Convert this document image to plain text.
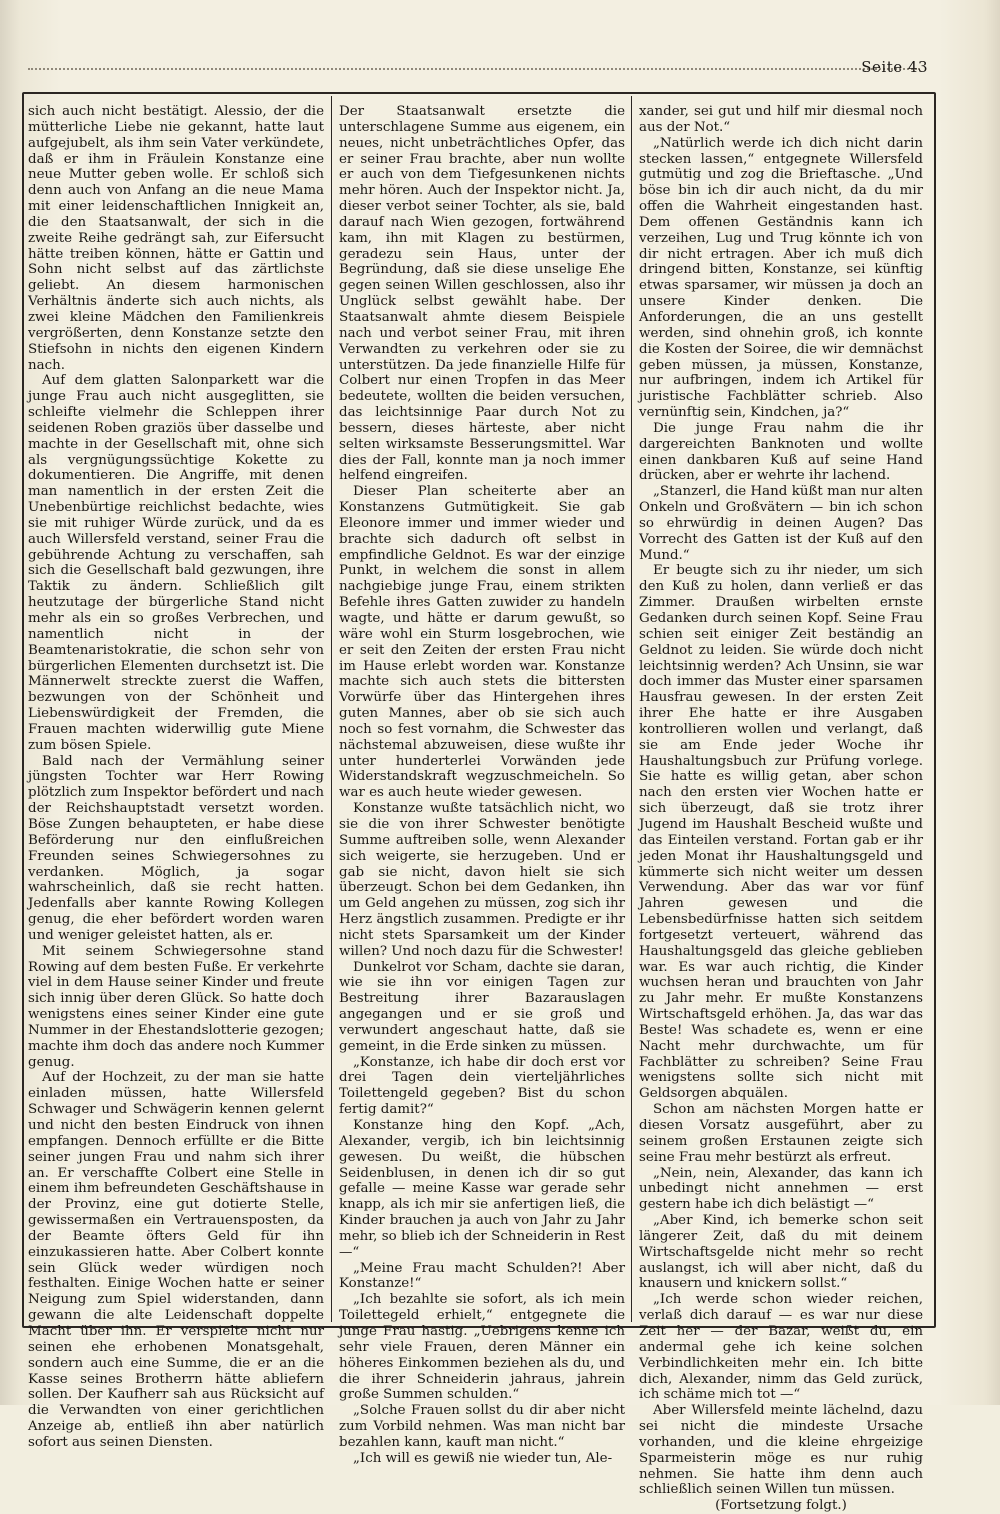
Seite 43

sich auch nicht bestätigt. Alessio, der die mütterliche Liebe nie gekannt, hatte laut aufgejubelt, als ihm sein Vater verkündete, daß er ihm in Fräulein Konstanze eine neue Mutter geben wolle. Er schloß sich denn auch von Anfang an die neue Mama mit einer leidenschaftlichen Innigkeit an, die den Staatsanwalt, der sich in die zweite Reihe gedrängt sah, zur Eifersucht hätte treiben können, hätte er Gattin und Sohn nicht selbst auf das zärtlichste geliebt. An diesem harmonischen Verhältnis änderte sich auch nichts, als zwei kleine Mädchen den Familienkreis vergrößerten, denn Konstanze setzte den Stiefsohn in nichts den eigenen Kindern nach.

Auf dem glatten Salonparkett war die junge Frau auch nicht ausgeglitten, sie schleifte vielmehr die Schleppen ihrer seidenen Roben graziös über dasselbe und machte in der Gesellschaft mit, ohne sich als vergnügungssüchtige Kokette zu dokumentieren. Die Angriffe, mit denen man namentlich in der ersten Zeit die Unebenbürtige reichlichst bedachte, wies sie mit ruhiger Würde zurück, und da es auch Willersfeld verstand, seiner Frau die gebührende Achtung zu verschaffen, sah sich die Gesellschaft bald gezwungen, ihre Taktik zu ändern. Schließlich gilt heutzutage der bürgerliche Stand nicht mehr als ein so großes Verbrechen, und namentlich nicht in der Beamtenaristokratie, die schon sehr von bürgerlichen Elementen durchsetzt ist. Die Männerwelt streckte zuerst die Waffen, bezwungen von der Schönheit und Liebenswürdigkeit der Fremden, die Frauen machten widerwillig gute Miene zum bösen Spiele.

Bald nach der Vermählung seiner jüngsten Tochter war Herr Rowing plötzlich zum Inspektor befördert und nach der Reichshauptstadt versetzt worden. Böse Zungen behaupteten, er habe diese Beförderung nur den einflußreichen Freunden seines Schwiegersohnes zu verdanken. Möglich, ja sogar wahrscheinlich, daß sie recht hatten. Jedenfalls aber kannte Rowing Kollegen genug, die eher befördert worden waren und weniger geleistet hatten, als er.

Mit seinem Schwiegersohne stand Rowing auf dem besten Fuße. Er verkehrte viel in dem Hause seiner Kinder und freute sich innig über deren Glück. So hatte doch wenigstens eines seiner Kinder eine gute Nummer in der Ehestandslotterie gezogen; machte ihm doch das andere noch Kummer genug.

Auf der Hochzeit, zu der man sie hatte einladen müssen, hatte Willersfeld Schwager und Schwägerin kennen gelernt und nicht den besten Eindruck von ihnen empfangen. Dennoch erfüllte er die Bitte seiner jungen Frau und nahm sich ihrer an. Er verschaffte Colbert eine Stelle in einem ihm befreundeten Geschäftshause in der Provinz, eine gut dotierte Stelle, gewissermaßen ein Vertrauensposten, da der Beamte öfters Geld für ihn einzukassieren hatte. Aber Colbert konnte sein Glück weder würdigen noch festhalten. Einige Wochen hatte er seiner Neigung zum Spiel widerstanden, dann gewann die alte Leidenschaft doppelte Macht über ihn. Er verspielte nicht nur seinen ehe erhobenen Monatsgehalt, sondern auch eine Summe, die er an die Kasse seines Brotherrn hätte abliefern sollen. Der Kaufherr sah aus Rücksicht auf die Verwandten von einer gerichtlichen Anzeige ab, entließ ihn aber natürlich sofort aus seinen Diensten.

Der Staatsanwalt ersetzte die unterschlagene Summe aus eigenem, ein neues, nicht unbeträchtliches Opfer, das er seiner Frau brachte, aber nun wollte er auch von dem Tiefgesunkenen nichts mehr hören. Auch der Inspektor nicht. Ja, dieser verbot seiner Tochter, als sie, bald darauf nach Wien gezogen, fortwährend kam, ihn mit Klagen zu bestürmen, geradezu sein Haus, unter der Begründung, daß sie diese unselige Ehe gegen seinen Willen geschlossen, also ihr Unglück selbst gewählt habe. Der Staatsanwalt ahmte diesem Beispiele nach und verbot seiner Frau, mit ihren Verwandten zu verkehren oder sie zu unterstützen. Da jede finanzielle Hilfe für Colbert nur einen Tropfen in das Meer bedeutete, wollten die beiden versuchen, das leichtsinnige Paar durch Not zu bessern, dieses härteste, aber nicht selten wirksamste Besserungsmittel. War dies der Fall, konnte man ja noch immer helfend eingreifen.

Dieser Plan scheiterte aber an Konstanzens Gutmütigkeit. Sie gab Eleonore immer und immer wieder und brachte sich dadurch oft selbst in empfindliche Geldnot. Es war der einzige Punkt, in welchem die sonst in allem nachgiebige junge Frau, einem strikten Befehle ihres Gatten zuwider zu handeln wagte, und hätte er darum gewußt, so wäre wohl ein Sturm losgebrochen, wie er seit den Zeiten der ersten Frau nicht im Hause erlebt worden war. Konstanze machte sich auch stets die bittersten Vorwürfe über das Hintergehen ihres guten Mannes, aber ob sie sich auch noch so fest vornahm, die Schwester das nächstemal abzuweisen, diese wußte ihr unter hunderterlei Vorwänden jede Widerstandskraft wegzuschmeicheln. So war es auch heute wieder gewesen.

Konstanze wußte tatsächlich nicht, wo sie die von ihrer Schwester benötigte Summe auftreiben solle, wenn Alexander sich weigerte, sie herzugeben. Und er gab sie nicht, davon hielt sie sich überzeugt. Schon bei dem Gedanken, ihn um Geld angehen zu müssen, zog sich ihr Herz ängstlich zusammen. Predigte er ihr nicht stets Sparsamkeit um der Kinder willen? Und noch dazu für die Schwester!

Dunkelrot vor Scham, dachte sie daran, wie sie ihn vor einigen Tagen zur Bestreitung ihrer Bazarauslagen angegangen und er sie groß und verwundert angeschaut hatte, daß sie gemeint, in die Erde sinken zu müssen.

„Konstanze, ich habe dir doch erst vor drei Tagen dein vierteljährliches Toilettengeld gegeben? Bist du schon fertig damit?“

Konstanze hing den Kopf. „Ach, Alexander, vergib, ich bin leichtsinnig gewesen. Du weißt, die hübschen Seidenblusen, in denen ich dir so gut gefalle — meine Kasse war gerade sehr knapp, als ich mir sie anfertigen ließ, die Kinder brauchen ja auch von Jahr zu Jahr mehr, so blieb ich der Schneiderin in Rest —“

„Meine Frau macht Schulden?! Aber Konstanze!“

„Ich bezahlte sie sofort, als ich mein Toilettegeld erhielt,“ entgegnete die junge Frau hastig. „Uebrigens kenne ich sehr viele Frauen, deren Männer ein höheres Einkommen beziehen als du, und die ihrer Schneiderin jahraus, jahrein große Summen schulden.“

„Solche Frauen sollst du dir aber nicht zum Vorbild nehmen. Was man nicht bar bezahlen kann, kauft man nicht.“

„Ich will es gewiß nie wieder tun, Ale-

xander, sei gut und hilf mir diesmal noch aus der Not.“

„Natürlich werde ich dich nicht darin stecken lassen,“ entgegnete Willersfeld gutmütig und zog die Brieftasche. „Und böse bin ich dir auch nicht, da du mir offen die Wahrheit eingestanden hast. Dem offenen Geständnis kann ich verzeihen, Lug und Trug könnte ich von dir nicht ertragen. Aber ich muß dich dringend bitten, Konstanze, sei künftig etwas sparsamer, wir müssen ja doch an unsere Kinder denken. Die Anforderungen, die an uns gestellt werden, sind ohnehin groß, ich konnte die Kosten der Soiree, die wir demnächst geben müssen, ja müssen, Konstanze, nur aufbringen, indem ich Artikel für juristische Fachblätter schrieb. Also vernünftig sein, Kindchen, ja?“

Die junge Frau nahm die ihr dargereichten Banknoten und wollte einen dankbaren Kuß auf seine Hand drücken, aber er wehrte ihr lachend.

„Stanzerl, die Hand küßt man nur alten Onkeln und Großvätern — bin ich schon so ehrwürdig in deinen Augen? Das Vorrecht des Gatten ist der Kuß auf den Mund.“

Er beugte sich zu ihr nieder, um sich den Kuß zu holen, dann verließ er das Zimmer. Draußen wirbelten ernste Gedanken durch seinen Kopf. Seine Frau schien seit einiger Zeit beständig an Geldnot zu leiden. Sie würde doch nicht leichtsinnig werden? Ach Unsinn, sie war doch immer das Muster einer sparsamen Hausfrau gewesen. In der ersten Zeit ihrer Ehe hatte er ihre Ausgaben kontrollieren wollen und verlangt, daß sie am Ende jeder Woche ihr Haushaltungsbuch zur Prüfung vorlege. Sie hatte es willig getan, aber schon nach den ersten vier Wochen hatte er sich überzeugt, daß sie trotz ihrer Jugend im Haushalt Bescheid wußte und das Einteilen verstand. Fortan gab er ihr jeden Monat ihr Haushaltungsgeld und kümmerte sich nicht weiter um dessen Verwendung. Aber das war vor fünf Jahren gewesen und die Lebensbedürfnisse hatten sich seitdem fortgesetzt verteuert, während das Haushaltungsgeld das gleiche geblieben war. Es war auch richtig, die Kinder wuchsen heran und brauchten von Jahr zu Jahr mehr. Er mußte Konstanzens Wirtschaftsgeld erhöhen. Ja, das war das Beste! Was schadete es, wenn er eine Nacht mehr durchwachte, um für Fachblätter zu schreiben? Seine Frau wenigstens sollte sich nicht mit Geldsorgen abquälen.

Schon am nächsten Morgen hatte er diesen Vorsatz ausgeführt, aber zu seinem großen Erstaunen zeigte sich seine Frau mehr bestürzt als erfreut.

„Nein, nein, Alexander, das kann ich unbedingt nicht annehmen — erst gestern habe ich dich belästigt —“

„Aber Kind, ich bemerke schon seit längerer Zeit, daß du mit deinem Wirtschaftsgelde nicht mehr so recht auslangst, ich will aber nicht, daß du knausern und knickern sollst.“

„Ich werde schon wieder reichen, verlaß dich darauf — es war nur diese Zeit her — der Bazar, weißt du, ein andermal gehe ich keine solchen Verbindlichkeiten mehr ein. Ich bitte dich, Alexander, nimm das Geld zurück, ich schäme mich tot —“

Aber Willersfeld meinte lächelnd, dazu sei nicht die mindeste Ursache vorhanden, und die kleine ehrgeizige Sparmeisterin möge es nur ruhig nehmen. Sie hatte ihm denn auch schließlich seinen Willen tun müssen.

(Fortsetzung folgt.)
